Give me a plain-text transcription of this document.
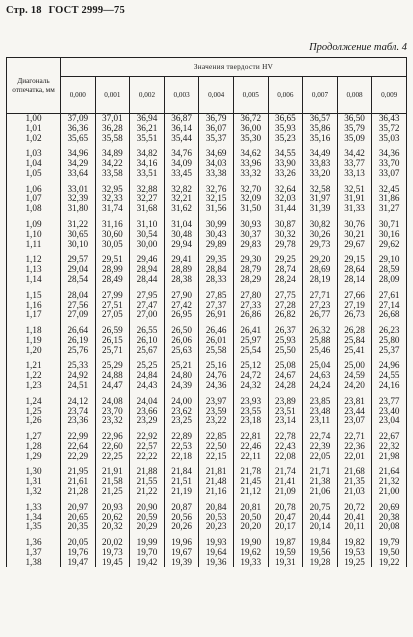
Стр. 18 ГОСТ 2999—75
Продолжение табл. 4
Диагональ отпечатка, мм	Значения твердости HV									
	0,000	0,001	0,002	0,003	0,004	0,005	0,006	0,007	0,008	0,009
1,00	37,09	37,01	36,94	36,87	36,79	36,72	36,65	36,57	36,50	36,43
1,01	36,36	36,28	36,21	36,14	36,07	36,00	35,93	35,86	35,79	35,72
1,02	35,65	35,58	35,51	35,44	35,37	35,30	35,23	35,16	35,09	35,03

1,03	34,96	34,89	34,82	34,76	34,69	34,62	34,55	34,49	34,42	34,36
1,04	34,29	34,22	34,16	34,09	34,03	33,96	33,90	33,83	33,77	33,70
1,05	33,64	33,58	33,51	33,45	33,38	33,32	33,26	33,20	33,13	33,07

1,06	33,01	32,95	32,88	32,82	32,76	32,70	32,64	32,58	32,51	32,45
1,07	32,39	32,33	32,27	32,21	32,15	32,09	32,03	31,97	31,91	31,86
1,08	31,80	31,74	31,68	31,62	31,56	31,50	31,44	31,39	31,33	31,27

1,09	31,22	31,16	31,10	31,04	30,99	30,93	30,87	30,82	30,76	30,71
1,10	30,65	30,60	30,54	30,48	30,43	30,37	30,32	30,26	30,21	30,16
1,11	30,10	30,05	30,00	29,94	29,89	29,83	29,78	29,73	29,67	29,62

1,12	29,57	29,51	29,46	29,41	29,35	29,30	29,25	29,20	29,15	29,10
1,13	29,04	28,99	28,94	28,89	28,84	28,79	28,74	28,69	28,64	28,59
1,14	28,54	28,49	28,44	28,38	28,33	28,29	28,24	28,19	28,14	28,09

1,15	28,04	27,99	27,95	27,90	27,85	27,80	27,75	27,71	27,66	27,61
1,16	27,56	27,51	27,47	27,42	27,37	27,33	27,28	27,23	27,19	27,14
1,17	27,09	27,05	27,00	26,95	26,91	26,86	26,82	26,77	26,73	26,68

1,18	26,64	26,59	26,55	26,50	26,46	26,41	26,37	26,32	26,28	26,23
1,19	26,19	26,15	26,10	26,06	26,01	25,97	25,93	25,88	25,84	25,80
1,20	25,76	25,71	25,67	25,63	25,58	25,54	25,50	25,46	25,41	25,37

1,21	25,33	25,29	25,25	25,21	25,16	25,12	25,08	25,04	25,00	24,96
1,22	24,92	24,88	24,84	24,80	24,76	24,72	24,67	24,63	24,59	24,55
1,23	24,51	24,47	24,43	24,39	24,36	24,32	24,28	24,24	24,20	24,16

1,24	24,12	24,08	24,04	24,00	23,97	23,93	23,89	23,85	23,81	23,77
1,25	23,74	23,70	23,66	23,62	23,59	23,55	23,51	23,48	23,44	23,40
1,26	23,36	23,32	23,29	23,25	23,22	23,18	23,14	23,11	23,07	23,04

1,27	22,99	22,96	22,92	22,89	22,85	22,81	22,78	22,74	22,71	22,67
1,28	22,64	22,60	22,57	22,53	22,50	22,46	22,43	22,39	22,36	22,32
1,29	22,29	22,25	22,22	22,18	22,15	22,11	22,08	22,05	22,01	21,98

1,30	21,95	21,91	21,88	21,84	21,81	21,78	21,74	21,71	21,68	21,64
1,31	21,61	21,58	21,55	21,51	21,48	21,45	21,41	21,38	21,35	21,32
1,32	21,28	21,25	21,22	21,19	21,16	21,12	21,09	21,06	21,03	21,00

1,33	20,97	20,93	20,90	20,87	20,84	20,81	20,78	20,75	20,72	20,69
1,34	20,65	20,62	20,59	20,56	20,53	20,50	20,47	20,44	20,41	20,38
1,35	20,35	20,32	20,29	20,26	20,23	20,20	20,17	20,14	20,11	20,08

1,36	20,05	20,02	19,99	19,96	19,93	19,90	19,87	19,84	19,82	19,79
1,37	19,76	19,73	19,70	19,67	19,64	19,62	19,59	19,56	19,53	19,50
1,38	19,47	19,45	19,42	19,39	19,36	19,33	19,31	19,28	19,25	19,22
